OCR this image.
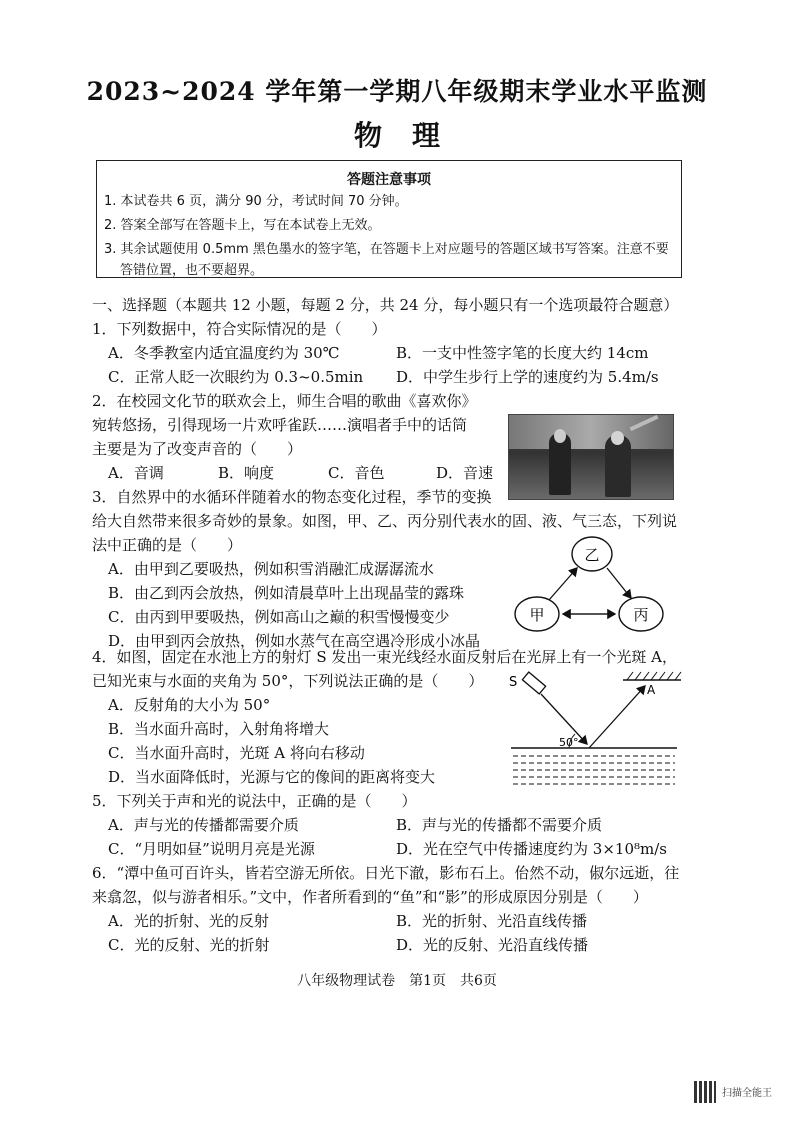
2023~2024 学年第一学期八年级期末学业水平监测
物理
答题注意事项
1. 本试卷共 6 页，满分 90 分，考试时间 70 分钟。
2. 答案全部写在答题卡上，写在本试卷上无效。
3. 其余试题使用 0.5mm 黑色墨水的签字笔，在答题卡上对应题号的答题区域书写答案。注意不要
答错位置，也不要超界。
一、选择题（本题共 12 小题，每题 2 分，共 24 分，每小题只有一个选项最符合题意）
1．下列数据中，符合实际情况的是（　　）
A．冬季教室内适宜温度约为 30℃	B．一支中性签字笔的长度大约 14cm
C．正常人眨一次眼约为 0.3~0.5min D．中学生步行上学的速度约为 5.4m/s
2．在校园文化节的联欢会上，师生合唱的歌曲《喜欢你》
宛转悠扬，引得现场一片欢呼雀跃……演唱者手中的话筒
主要是为了改变声音的（　　）
A．音调	B．响度	C．音色	D．音速
3．自然界中的水循环伴随着水的物态变化过程，季节的变换
给大自然带来很多奇妙的景象。如图，甲、乙、丙分别代表水的固、液、气三态，下列说
法中正确的是（　　）
A．由甲到乙要吸热，例如积雪消融汇成潺潺流水
B．由乙到丙会放热，例如清晨草叶上出现晶莹的露珠
C．由丙到甲要吸热，例如高山之巅的积雪慢慢变少
D．由甲到丙会放热，例如水蒸气在高空遇冷形成小冰晶
乙
甲	丙
4．如图，固定在水池上方的射灯 S 发出一束光线经水面反射后在光屏上有一个光斑 A，
已知光束与水面的夹角为 50°，下列说法正确的是（　　）
A．反射角的大小为 50°
B．当水面升高时，入射角将增大
C．当水面升高时，光斑 A 将向右移动
D．当水面降低时，光源与它的像间的距离将变大
S	A
50°
5．下列关于声和光的说法中，正确的是（　　）
A．声与光的传播都需要介质	B．声与光的传播都不需要介质
C．“月明如昼”说明月亮是光源	D．光在空气中传播速度约为 3×10⁸m/s
6．“潭中鱼可百许头，皆若空游无所依。日光下澈，影布石上。佁然不动，俶尔远逝，往
来翕忽，似与游者相乐。”文中，作者所看到的“鱼”和“影”的形成原因分别是（　　）
A．光的折射、光的反射	B．光的折射、光沿直线传播
C．光的反射、光的折射	D．光的反射、光沿直线传播
八年级物理试卷　第1页　共6页
扫描全能王
